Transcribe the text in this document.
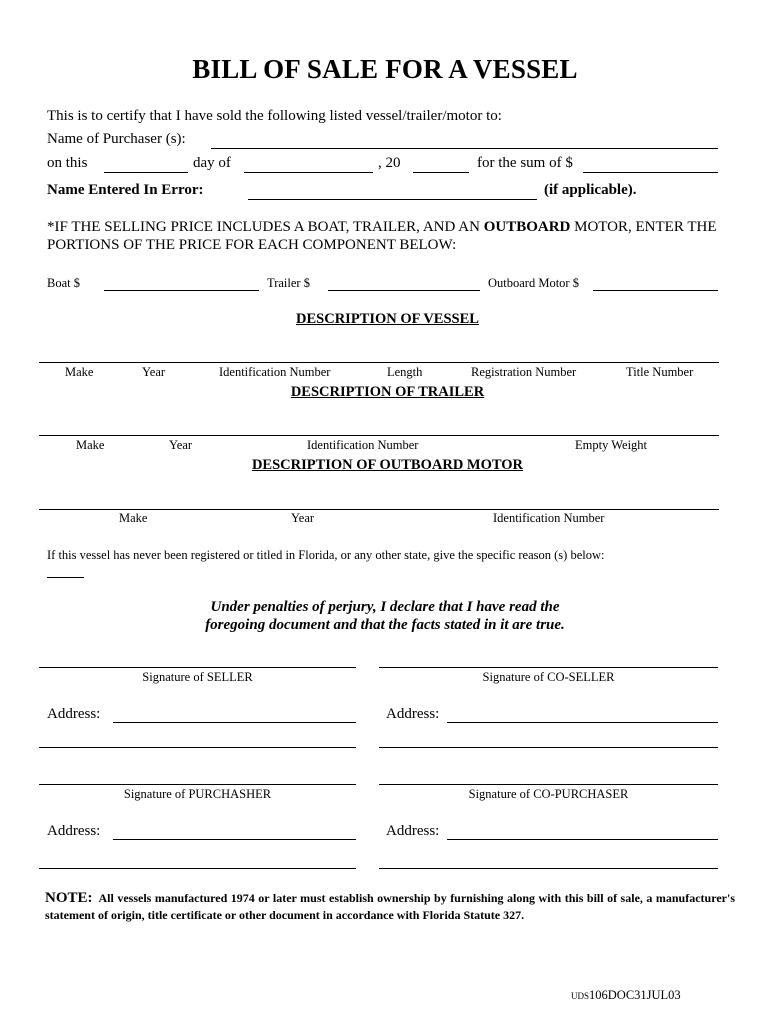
BILL OF SALE FOR A VESSEL
This is to certify that I have sold the following listed vessel/trailer/motor to:
Name of Purchaser (s):
on this	day of	, 20	for the sum of $
Name Entered In Error:	(if applicable).
*IF THE SELLING PRICE INCLUDES A BOAT, TRAILER, AND AN OUTBOARD MOTOR, ENTER THE
PORTIONS OF THE PRICE FOR EACH COMPONENT BELOW:
Boat $	Trailer $	Outboard Motor $
DESCRIPTION OF VESSEL
Make	Year	Identification Number	Length	Registration Number	Title Number
DESCRIPTION OF TRAILER
Make	Year	Identification Number	Empty Weight
DESCRIPTION OF OUTBOARD MOTOR
Make	Year	Identification Number
If this vessel has never been registered or titled in Florida, or any other state, give the specific reason (s) below:
Under penalties of perjury, I declare that I have read the
foregoing document and that the facts stated in it are true.
Signature of SELLER	Signature of CO-SELLER
Address:	Address:
Signature of PURCHASHER	Signature of CO-PURCHASER
Address:	Address:
NOTE: All vessels manufactured 1974 or later must establish ownership by furnishing along with this bill of sale, a manufacturer's statement of origin, title certificate or other document in accordance with Florida Statute 327.
UDS106DOC31JUL03
